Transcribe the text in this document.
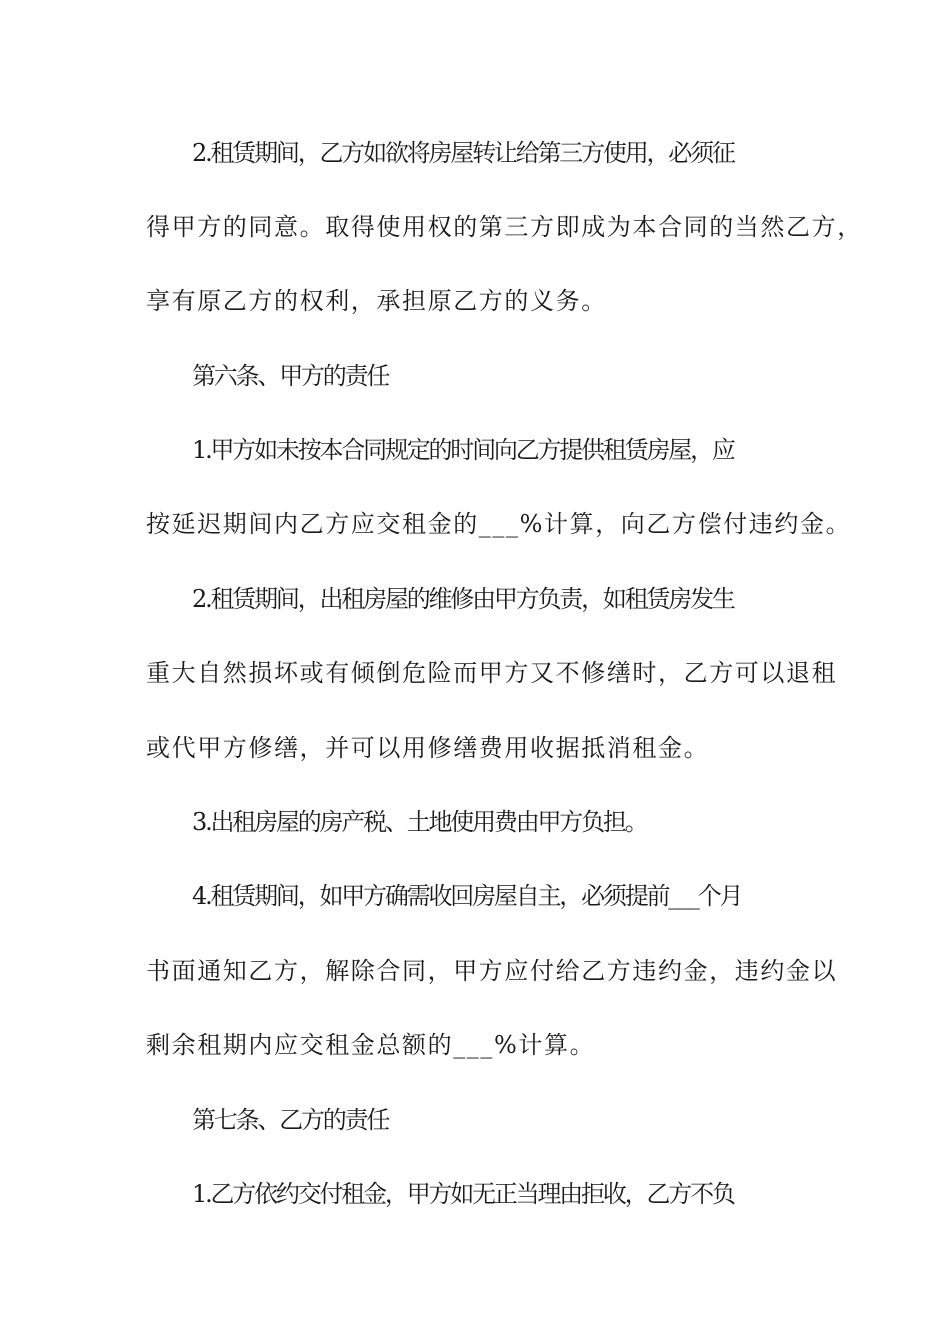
2.租赁期间，乙方如欲将房屋转让给第三方使用，必须征
得甲方的同意。取得使用权的第三方即成为本合同的当然乙方，
享有原乙方的权利，承担原乙方的义务。
第六条、甲方的责任
1.甲方如未按本合同规定的时间向乙方提供租赁房屋，应
按延迟期间内乙方应交租金的___%计算，向乙方偿付违约金。
2.租赁期间，出租房屋的维修由甲方负责，如租赁房发生
重大自然损坏或有倾倒危险而甲方又不修缮时，乙方可以退租
或代甲方修缮，并可以用修缮费用收据抵消租金。
3.出租房屋的房产税、土地使用费由甲方负担。
4.租赁期间，如甲方确需收回房屋自主，必须提前___个月
书面通知乙方，解除合同，甲方应付给乙方违约金，违约金以
剩余租期内应交租金总额的___%计算。
第七条、乙方的责任
1.乙方依约交付租金，甲方如无正当理由拒收，乙方不负
